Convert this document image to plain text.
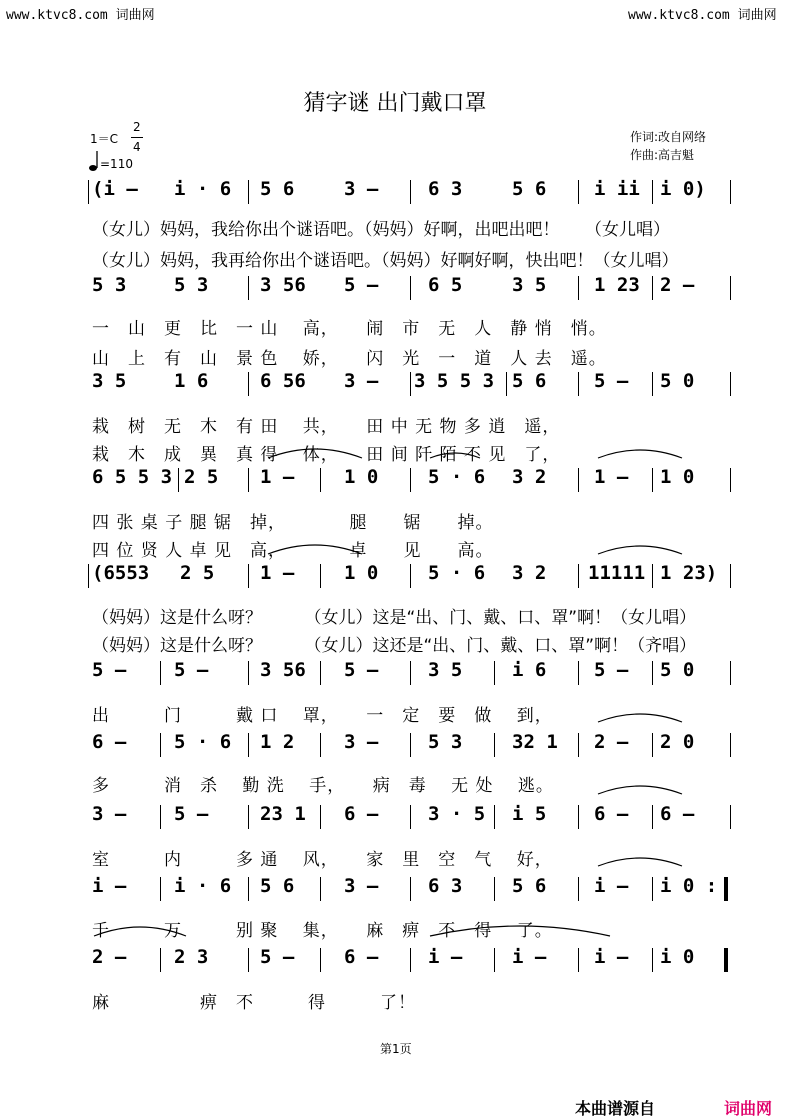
www.ktvc8.com 词曲网	www.ktvc8.com 词曲网
猜字谜 出门戴口罩
1＝C
2
4
=110
作词:改自网络
作曲:高吉魁
(i – i · 6 5 6	3 –	6 3	5 6	i ii i 0)
（女儿）妈妈，我给你出个谜语吧。（妈妈）好啊，出吧出吧！　　（女儿唱）
（女儿）妈妈，我再给你出个谜语吧。（妈妈）好啊好啊，快出吧！（女儿唱）
5 3	5 3	3 56 5 –	6 5	3 5	1 23 2 –
一　山　更　比　一 山　 高，　　闹　市　无　人　静 悄　悄。
山　上　有　山　景 色　 娇，　　闪　光　一　道　人 去　遥。
3 5	1 6	6 56 3 – 3 5 5 3 5 6	5 – 5 0
栽　树　无　木　有 田　 共，　　田 中 无 物 多 逍　遥，
栽　木　成　異　真 得　 体，　　田 间 阡 陌 不 见　了，
6 5 5 3 2 5 1 –	1 0	5 · 6 3 2	1 – 1 0
四 张 桌 子 腿 锯　掉，　　　　腿　　锯　　掉。
四 位 贤 人 卓 见　高，　　　　卓　　见　　高。
(6553 2 5 1 –	1 0	5 · 6 3 2 11111 1 23)
（妈妈）这是什么呀？　　　（女儿）这是“出、门、戴、口、罩”啊！（女儿唱）
（妈妈）这是什么呀？　　　（女儿）这还是“出、门、戴、口、罩”啊！（齐唱）
5 –	5 –	3 56 5 –	3 5	i 6	5 – 5 0
出　　　门　　　戴 口　 罩，　　一　定　要　做　 到，
6 –	5 · 6 1 2	3 –	5 3	32 1 2 – 2 0
多　　　消　杀　 勤 洗　 手，　　病　毒　 无 处　 逃。
3 –	5 –	23 1 6 –	3 · 5 i 5	6 – 6 –
室　　　内　　　多 通　 风，　　家　里　空　气　 好，
i –	i · 6 5 6	3 –	6 3	5 6	i – i 0 :
千　　　万　　　别 聚　 集，　　麻　痹　不　得　 了。
2 –	2 3	5 –	6 –	i –	i –	i – i 0
麻　　　　　痹　不　　　得　　　了！
第1页
本曲谱源自	词曲网
